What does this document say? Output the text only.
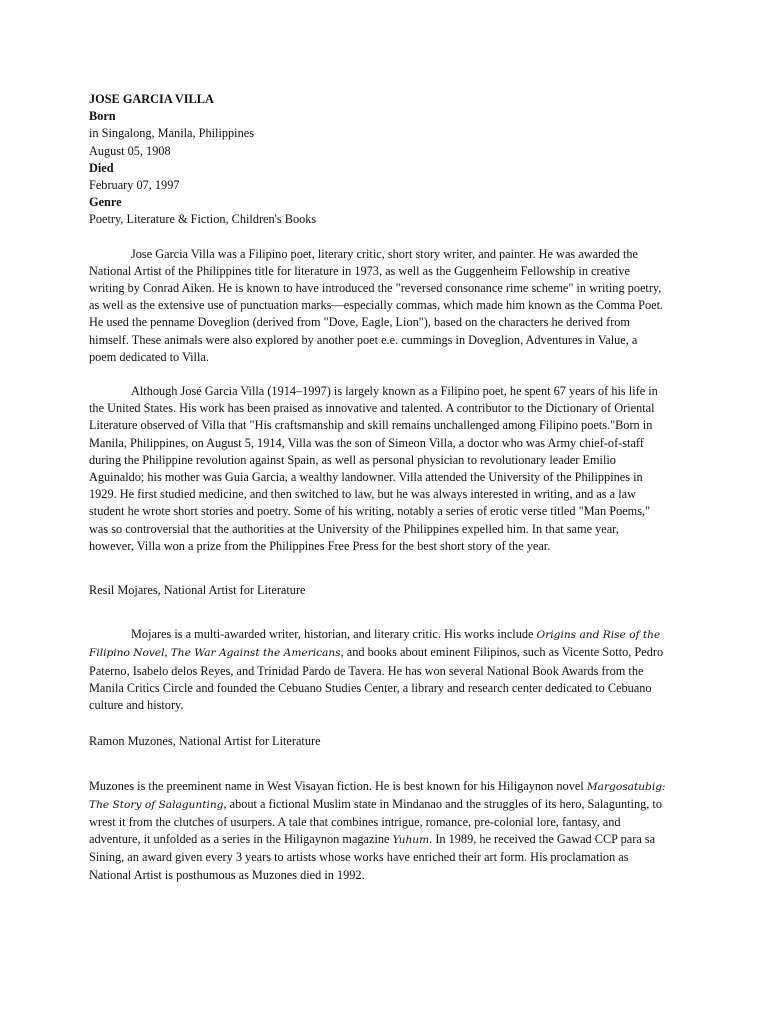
JOSE GARCIA VILLA
Born
in Singalong, Manila, Philippines
August 05, 1908
Died
February 07, 1997
Genre
Poetry, Literature & Fiction, Children's Books
Jose Garcia Villa was a Filipino poet, literary critic, short story writer, and painter. He was awarded the
National Artist of the Philippines title for literature in 1973, as well as the Guggenheim Fellowship in creative
writing by Conrad Aiken. He is known to have introduced the "reversed consonance rime scheme" in writing poetry,
as well as the extensive use of punctuation marks—especially commas, which made him known as the Comma Poet.
He used the penname Doveglion (derived from "Dove, Eagle, Lion"), based on the characters he derived from
himself. These animals were also explored by another poet e.e. cummings in Doveglion, Adventures in Value, a
poem dedicated to Villa.
Although José Garcia Villa (1914–1997) is largely known as a Filipino poet, he spent 67 years of his life in
the United States. His work has been praised as innovative and talented. A contributor to the Dictionary of Oriental
Literature observed of Villa that "His craftsmanship and skill remains unchallenged among Filipino poets."Born in
Manila, Philippines, on August 5, 1914, Villa was the son of Simeon Villa, a doctor who was Army chief-of-staff
during the Philippine revolution against Spain, as well as personal physician to revolutionary leader Emilio
Aguinaldo; his mother was Guia Garcia, a wealthy landowner. Villa attended the University of the Philippines in
1929. He first studied medicine, and then switched to law, but he was always interested in writing, and as a law
student he wrote short stories and poetry. Some of his writing, notably a series of erotic verse titled "Man Poems,"
was so controversial that the authorities at the University of the Philippines expelled him. In that same year,
however, Villa won a prize from the Philippines Free Press for the best short story of the year.
Resil Mojares, National Artist for Literature
Mojares is a multi-awarded writer, historian, and literary critic. His works include Origins and Rise of the
Filipino Novel, The War Against the Americans, and books about eminent Filipinos, such as Vicente Sotto, Pedro
Paterno, Isabelo delos Reyes, and Trinidad Pardo de Tavera. He has won several National Book Awards from the
Manila Critics Circle and founded the Cebuano Studies Center, a library and research center dedicated to Cebuano
culture and history.
Ramon Muzones, National Artist for Literature
Muzones is the preeminent name in West Visayan fiction. He is best known for his Hiligaynon novel Margosatubig:
The Story of Salagunting, about a fictional Muslim state in Mindanao and the struggles of its hero, Salagunting, to
wrest it from the clutches of usurpers. A tale that combines intrigue, romance, pre-colonial lore, fantasy, and
adventure, it unfolded as a series in the Hiligaynon magazine Yuhum. In 1989, he received the Gawad CCP para sa
Sining, an award given every 3 years to artists whose works have enriched their art form. His proclamation as
National Artist is posthumous as Muzones died in 1992.
